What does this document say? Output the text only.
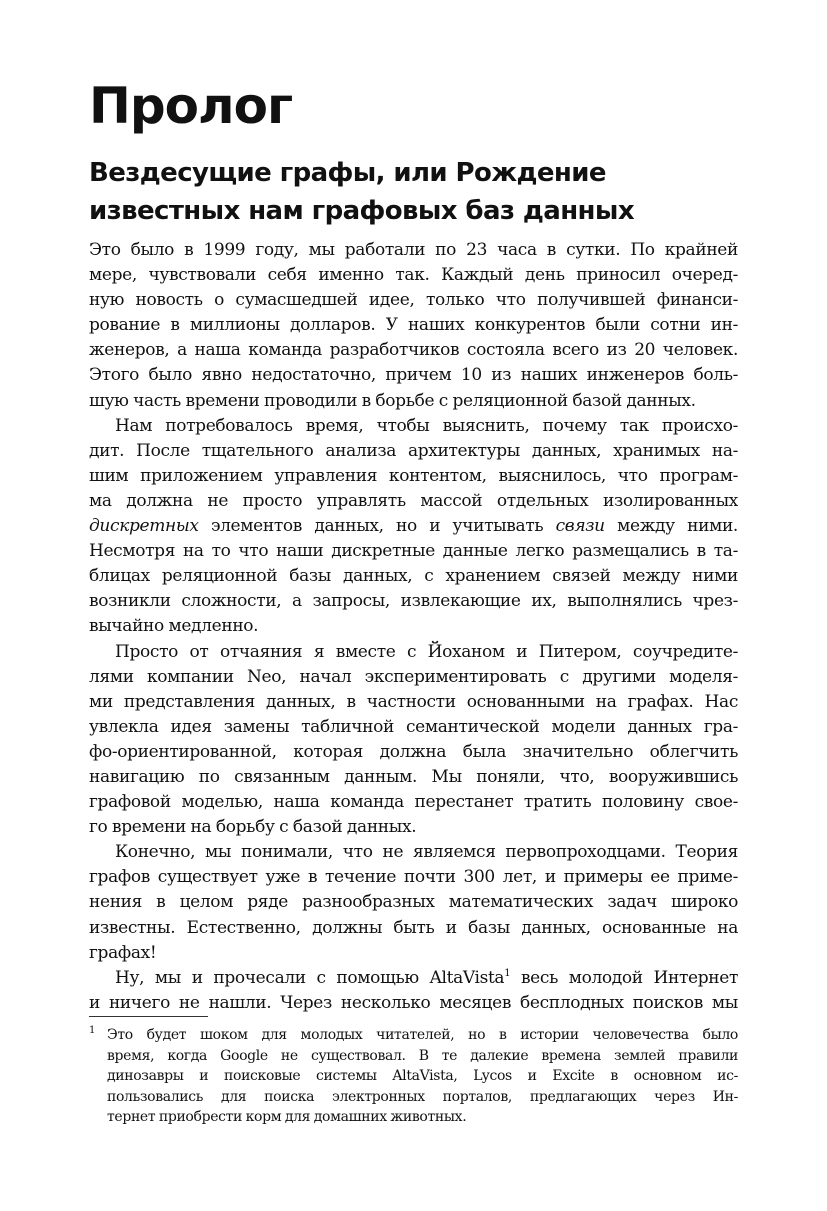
Пролог
Вездесущие графы, или Рождение
известных нам графовых баз данных
Это было в 1999 году, мы работали по 23 часа в сутки. По крайней
мере, чувствовали себя именно так. Каждый день приносил очеред-
ную новость о сумасшедшей идее, только что получившей финанси-
рование в миллионы долларов. У наших конкурентов были сотни ин-
женеров, а наша команда разработчиков состояла всего из 20 человек.
Этого было явно недостаточно, причем 10 из наших инженеров боль-
шую часть времени проводили в борьбе с реляционной базой данных.
Нам потребовалось время, чтобы выяснить, почему так происхо-
дит. После тщательного анализа архитектуры данных, хранимых на-
шим приложением управления контентом, выяснилось, что програм-
ма должна не просто управлять массой отдельных изолированных
дискретных элементов данных, но и учитывать связи между ними.
Несмотря на то что наши дискретные данные легко размещались в та-
блицах реляционной базы данных, с хранением связей между ними
возникли сложности, а запросы, извлекающие их, выполнялись чрез-
вычайно медленно.
Просто от отчаяния я вместе с Йоханом и Питером, соучредите-
лями компании Neo, начал экспериментировать с другими моделя-
ми представления данных, в частности основанными на графах. Нас
увлекла идея замены табличной семантической модели данных гра-
фо-ориентированной, которая должна была значительно облегчить
навигацию по связанным данным. Мы поняли, что, вооружившись
графовой моделью, наша команда перестанет тратить половину свое-
го времени на борьбу с базой данных.
Конечно, мы понимали, что не являемся первопроходцами. Теория
графов существует уже в течение почти 300 лет, и примеры ее приме-
нения в целом ряде разнообразных математических задач широко
известны. Естественно, должны быть и базы данных, основанные на
графах!
Ну, мы и прочесали с помощью AltaVista$^1$ весь молодой Интернет
и ничего не нашли. Через несколько месяцев бесплодных поисков мы
1 Это будет шоком для молодых читателей, но в истории человечества было
время, когда Google не существовал. В те далекие времена землей правили
динозавры и поисковые системы AltaVista, Lycos и Excite в основном ис-
пользовались для поиска электронных порталов, предлагающих через Ин-
тернет приобрести корм для домашних животных.
